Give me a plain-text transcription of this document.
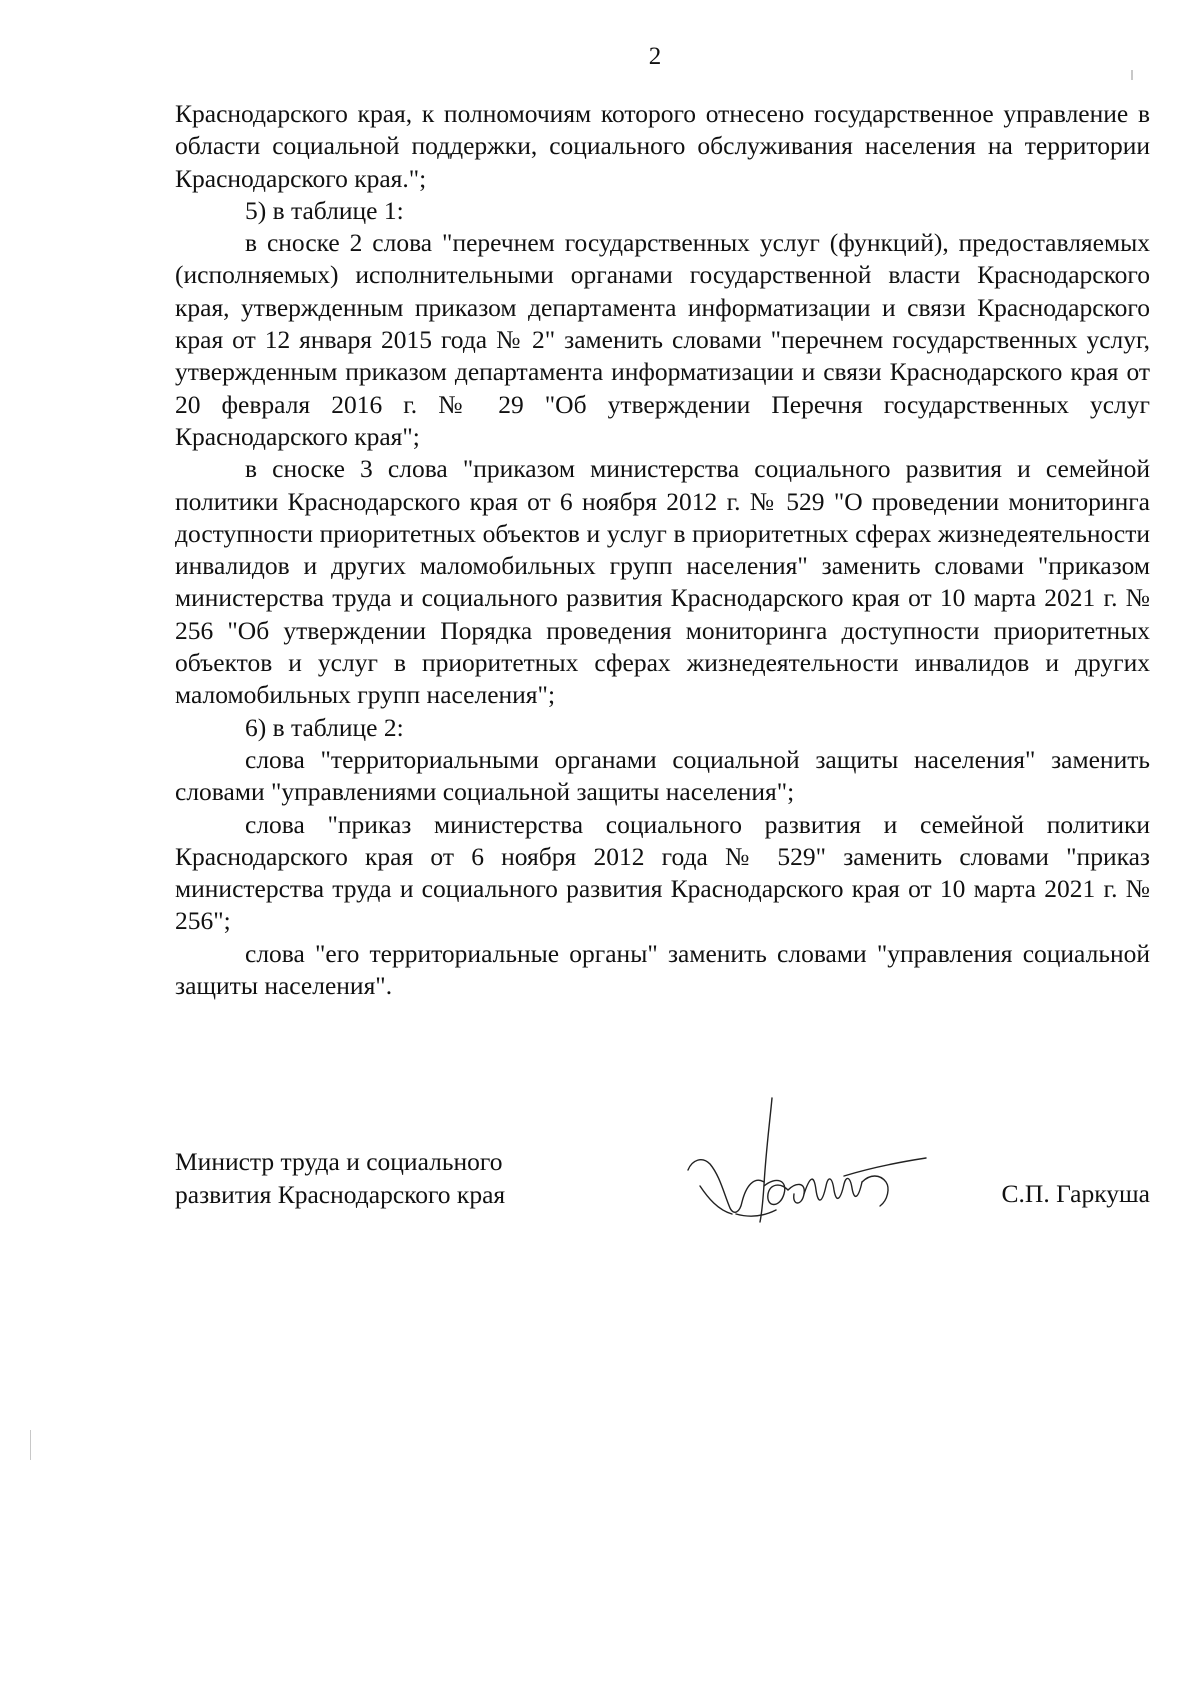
2

Краснодарского края, к полномочиям которого отнесено государственное управление в области социальной поддержки, социального обслуживания населения на территории Краснодарского края.";

5) в таблице 1:

в сноске 2 слова "перечнем государственных услуг (функций), предоставляемых (исполняемых) исполнительными органами государственной власти Краснодарского края, утвержденным приказом департамента информатизации и связи Краснодарского края от 12 января 2015 года № 2" заменить словами "перечнем государственных услуг, утвержденным приказом департамента информатизации и связи Краснодарского края от 20 февраля 2016 г. № 29 "Об утверждении Перечня государственных услуг Краснодарского края";

в сноске 3 слова "приказом министерства социального развития и семейной политики Краснодарского края от 6 ноября 2012 г. № 529 "О проведении мониторинга доступности приоритетных объектов и услуг в приоритетных сферах жизнедеятельности инвалидов и других маломобильных групп населения" заменить словами "приказом министерства труда и социального развития Краснодарского края от 10 марта 2021 г. № 256 "Об утверждении Порядка проведения мониторинга доступности приоритетных объектов и услуг в приоритетных сферах жизнедеятельности инвалидов и других маломобильных групп населения";

6) в таблице 2:

слова "территориальными органами социальной защиты населения" заменить словами "управлениями социальной защиты населения";

слова "приказ министерства социального развития и семейной политики Краснодарского края от 6 ноября 2012 года № 529" заменить словами "приказ министерства труда и социального развития Краснодарского края от 10 марта 2021 г. № 256";

слова "его территориальные органы" заменить словами "управления социальной защиты населения".

Министр труда и социального
развития Краснодарского края	С.П. Гаркуша
